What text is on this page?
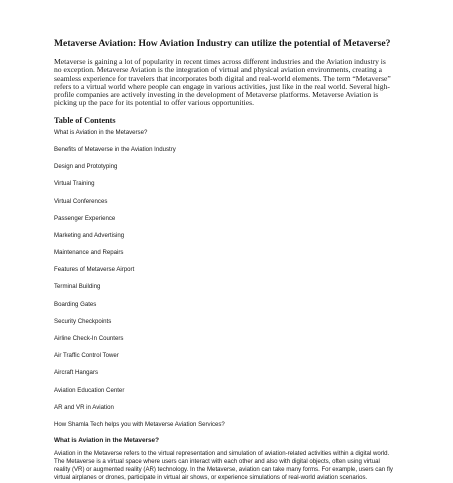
Metaverse Aviation: How Aviation Industry can utilize the potential of Metaverse?

Metaverse is gaining a lot of popularity in recent times across different industries and the Aviation industry is no exception. Metaverse Aviation is the integration of virtual and physical aviation environments, creating a seamless experience for travelers that incorporates both digital and real-world elements. The term “Metaverse” refers to a virtual world where people can engage in various activities, just like in the real world. Several high-profile companies are actively investing in the development of Metaverse platforms. Metaverse Aviation is picking up the pace for its potential to offer various opportunities.

Table of Contents
What is Aviation in the Metaverse?
Benefits of Metaverse in the Aviation Industry
Design and Prototyping
Virtual Training
Virtual Conferences
Passenger Experience
Marketing and Advertising
Maintenance and Repairs
Features of Metaverse Airport
Terminal Building
Boarding Gates
Security Checkpoints
Airline Check-In Counters
Air Traffic Control Tower
Aircraft Hangars
Aviation Education Center
AR and VR in Aviation
How Shamla Tech helps you with Metaverse Aviation Services?
What is Aviation in the Metaverse?

Aviation in the Metaverse refers to the virtual representation and simulation of aviation-related activities within a digital world. The Metaverse is a virtual space where users can interact with each other and also with digital objects, often using virtual reality (VR) or augmented reality (AR) technology. In the Metaverse, aviation can take many forms. For example, users can fly virtual airplanes or drones, participate in virtual air shows, or experience simulations of real-world aviation scenarios.
